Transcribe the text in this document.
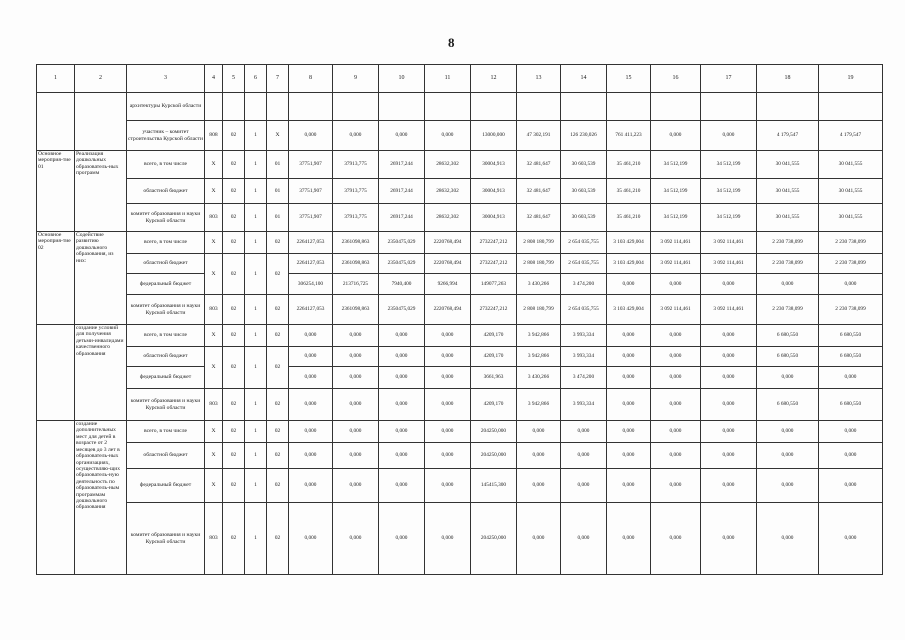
8
1	2	3	4	5	6	7	8	9	10	11	12	13	14	15	16	17	18	19
		архитектуры Курской области																
		участник – комитет строительства Курской области	808	02	1	X	0,000	0,000	0,000	0,000	13000,000	47 302,191	126 230,026	761 411,223	0,000	0,000	4 179,547	4 179,547
Основное мероприя-тие 01	Реализация дошкольных образователь-ных программ	всего, в том числе	X	02	1	01	37751,907	37913,775	26917,244	28632,302	30004,913	32 481,647	30 603,539	35 461,210	34 512,199	34 512,199	30 041,555	30 041,555
		областной бюджет	X	02	1	01	37751,907	37913,775	26917,244	28632,302	30004,913	32 481,647	30 603,539	35 461,210	34 512,199	34 512,199	30 041,555	30 041,555
		комитет образования и науки Курской области	803	02	1	01	37751,907	37913,775	26917,244	28632,302	30004,913	32 481,647	30 603,539	35 461,210	34 512,199	34 512,199	30 041,555	30 041,555
Основное мероприя-тие 02	Содействие развитию дошкольного образования, из них:	всего, в том числе	X	02	1	02	2264127,053	2361098,863	2350475,029	2220768,494	2732247,212	2 808 180,799	2 654 035,755	3 103 429,004	3 092 114,461	3 092 114,461	2 230 738,099	2 230 738,099
		областной бюджет	X	02	1	02	2264127,053	2361098,863	2350475,029	2220768,494	2732247,212	2 808 180,799	2 654 035,755	3 103 429,004	3 092 114,461	3 092 114,461	2 230 738,099	2 230 738,099
		федеральный бюджет					306254,100	213716,725	7940,400	9266,994	149077,263	3 430,266	3 474,200	0,000	0,000	0,000	0,000	0,000
		комитет образования и науки Курской области	803	02	1	02	2264127,053	2361098,863	2350475,029	2220768,494	2732247,212	2 808 180,799	2 654 035,755	3 103 429,004	3 092 114,461	3 092 114,461	2 230 738,099	2 230 738,099
	создание условий для получения детьми-инвалидами качественного образования	всего, в том числе	X	02	1	02	0,000	0,000	0,000	0,000	4209,170	3 942,866	3 993,334	0,000	0,000	0,000	6 680,550	6 680,550
		областной бюджет	X	02	1	02	0,000	0,000	0,000	0,000	4209,170	3 942,866	3 993,334	0,000	0,000	0,000	6 680,550	6 680,550
		федеральный бюджет					0,000	0,000	0,000	0,000	3661,963	3 430,266	3 474,200	0,000	0,000	0,000	0,000	0,000
		комитет образования и науки Курской области	803	02	1	02	0,000	0,000	0,000	0,000	4209,170	3 942,866	3 993,334	0,000	0,000	0,000	6 680,550	6 680,550
	создание дополнительных мест для детей в возрасте от 2 месяцев до 3 лет в образователь-ных организациях, осуществляю-щих образователь-ную деятельность по образователь-ным программам дошкольного образования	всего, в том числе	X	02	1	02	0,000	0,000	0,000	0,000	204250,000	0,000	0,000	0,000	0,000	0,000	0,000	0,000
		областной бюджет	X	02	1	02	0,000	0,000	0,000	0,000	204250,000	0,000	0,000	0,000	0,000	0,000	0,000	0,000
		федеральный бюджет	X	02	1	02	0,000	0,000	0,000	0,000	145415,300	0,000	0,000	0,000	0,000	0,000	0,000	0,000
		комитет образования и науки Курской области	803	02	1	02	0,000	0,000	0,000	0,000	204250,000	0,000	0,000	0,000	0,000	0,000	0,000	0,000
